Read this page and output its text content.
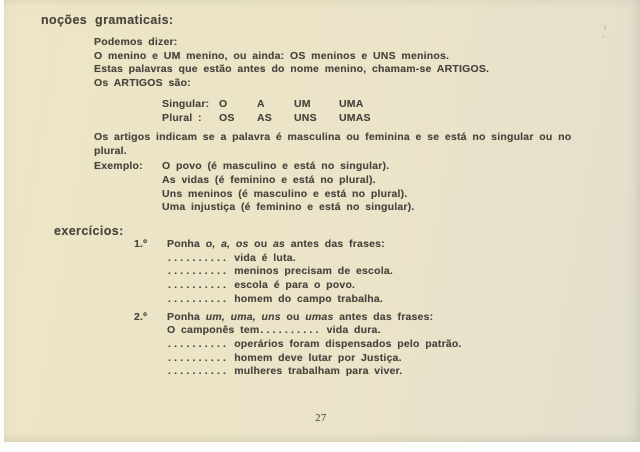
noções gramaticais:

Podemos dizer:

O menino e UM menino, ou ainda: OS meninos e UNS meninos.

Estas palavras que estão antes do nome menino, chamam-se ARTIGOS.

Os ARTIGOS são:

Singular: O	A	UM	UMA
Plural : OS AS UNS UMAS

Os artigos indicam se a palavra é masculina ou feminina e se está no singular ou no

plural.

Exemplo: O povo (é masculino e está no singular).

As vidas (é feminino e está no plural).

Uns meninos (é masculino e está no plural).

Uma injustiça (é feminino e está no singular).

exercícios:

1.º Ponha o, a, os ou as antes das frases:

.......... vida é luta.

.......... meninos precisam de escola.

.......... escola é para o povo.

.......... homem do campo trabalha.

2.º Ponha um, uma, uns ou umas antes das frases:

O camponês tem.......... vida dura.

.......... operários foram dispensados pelo patrão.

.......... homem deve lutar por Justiça.

.......... mulheres trabalham para viver.

27
